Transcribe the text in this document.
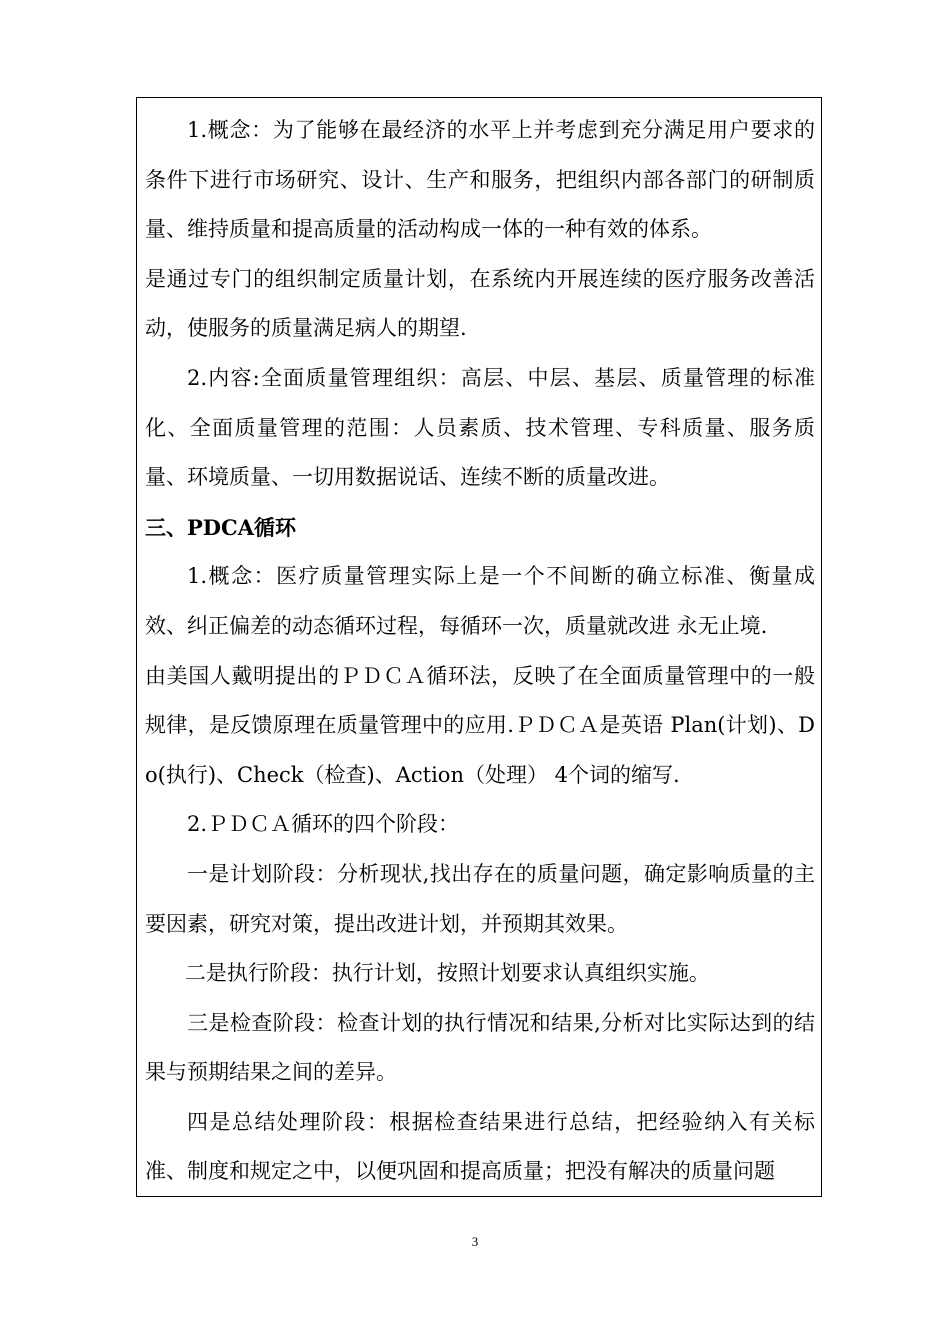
1.概念：为了能够在最经济的水平上并考虑到充分满足用户要求的条件下进行市场研究、设计、生产和服务，把组织内部各部门的研制质量、维持质量和提高质量的活动构成一体的一种有效的体系。

是通过专门的组织制定质量计划，在系统内开展连续的医疗服务改善活动，使服务的质量满足病人的期望.

2.内容:全面质量管理组织：高层、中层、基层、质量管理的标准化、全面质量管理的范围：人员素质、技术管理、专科质量、服务质量、环境质量、一切用数据说话、连续不断的质量改进。

三、PDCA循环

1.概念：医疗质量管理实际上是一个不间断的确立标准、衡量成效、纠正偏差的动态循环过程，每循环一次，质量就改进 永无止境.

由美国人戴明提出的ＰＤＣＡ循环法，反映了在全面质量管理中的一般规律，是反馈原理在质量管理中的应用.ＰＤＣＡ是英语 Plan(计划)、Do(执行)、Check（检查)、Action（处理） 4个词的缩写.

2.ＰＤＣＡ循环的四个阶段：

一是计划阶段：分析现状,找出存在的质量问题，确定影响质量的主要因素，研究对策，提出改进计划，并预期其效果。

二是执行阶段：执行计划，按照计划要求认真组织实施。

三是检查阶段：检查计划的执行情况和结果,分析对比实际达到的结果与预期结果之间的差异。

四是总结处理阶段：根据检查结果进行总结，把经验纳入有关标准、制度和规定之中，以便巩固和提高质量；把没有解决的质量问题

3
